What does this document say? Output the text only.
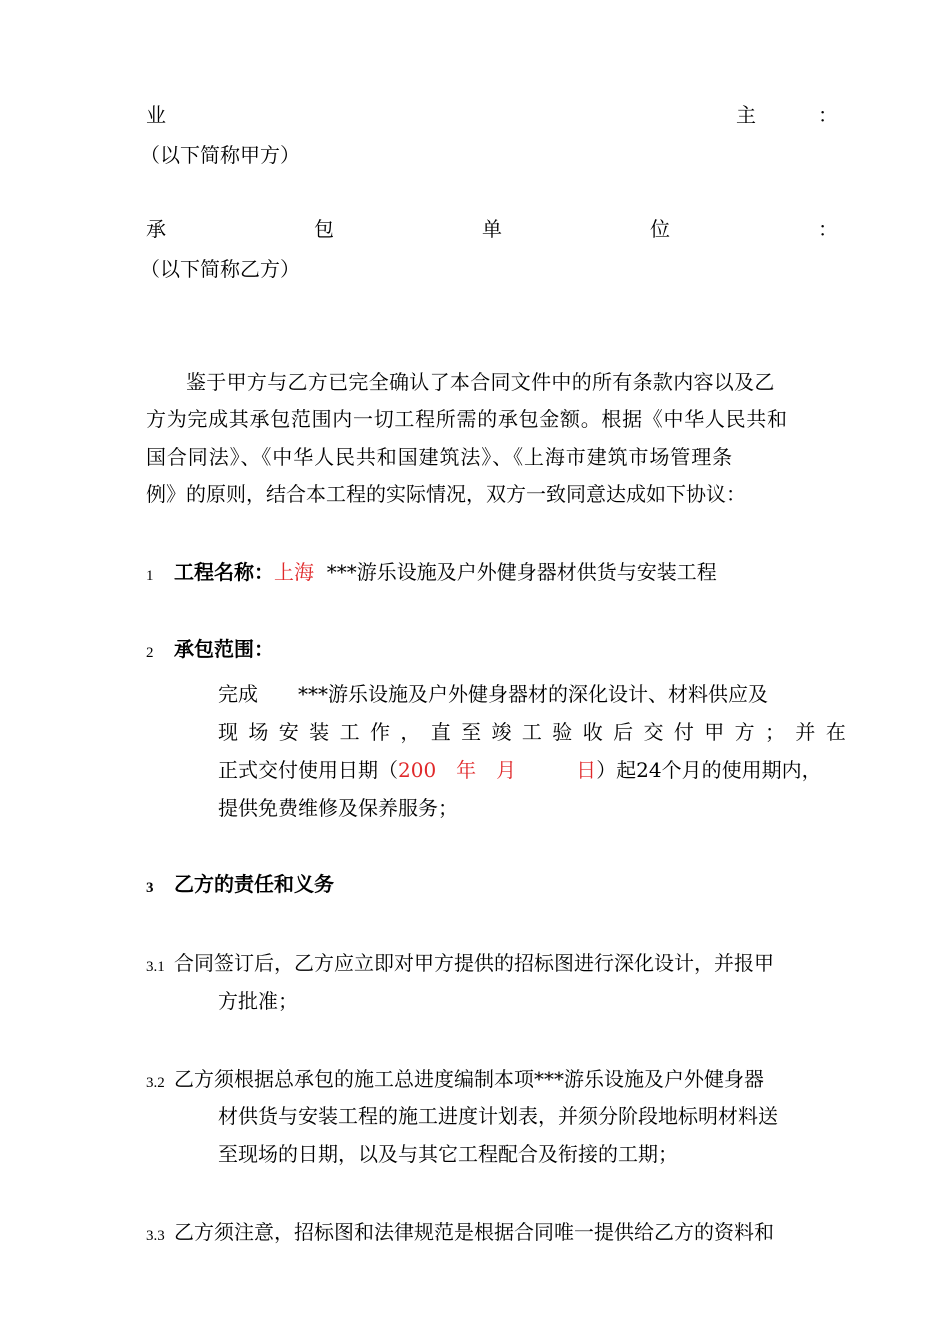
业	主	：
（以下简称甲方）
承	包	单	位	：
（以下简称乙方）
鉴于甲方与乙方已完全确认了本合同文件中的所有条款内容以及乙
方为完成其承包范围内一切工程所需的承包金额。根据《中华人民共和
国合同法》、《中华人民共和国建筑法》、《上海市建筑市场管理条
例》的原则，结合本工程的实际情况，双方一致同意达成如下协议：
1 工程名称：上海 ***游乐设施及户外健身器材供货与安装工程
2 承包范围：
完成　　***游乐设施及户外健身器材的深化设计、材料供应及
现 场 安 装 工 作 ， 直 至 竣 工 验 收 后 交 付 甲 方 ； 并 在
正式交付使用日期（200　年　月　　　日）起24个月的使用期内，
提供免费维修及保养服务；
3 乙方的责任和义务
3.1 合同签订后，乙方应立即对甲方提供的招标图进行深化设计，并报甲
方批准；
3.2 乙方须根据总承包的施工总进度编制本项***游乐设施及户外健身器
材供货与安装工程的施工进度计划表，并须分阶段地标明材料送
至现场的日期，以及与其它工程配合及衔接的工期；
3.3 乙方须注意，招标图和法律规范是根据合同唯一提供给乙方的资料和
